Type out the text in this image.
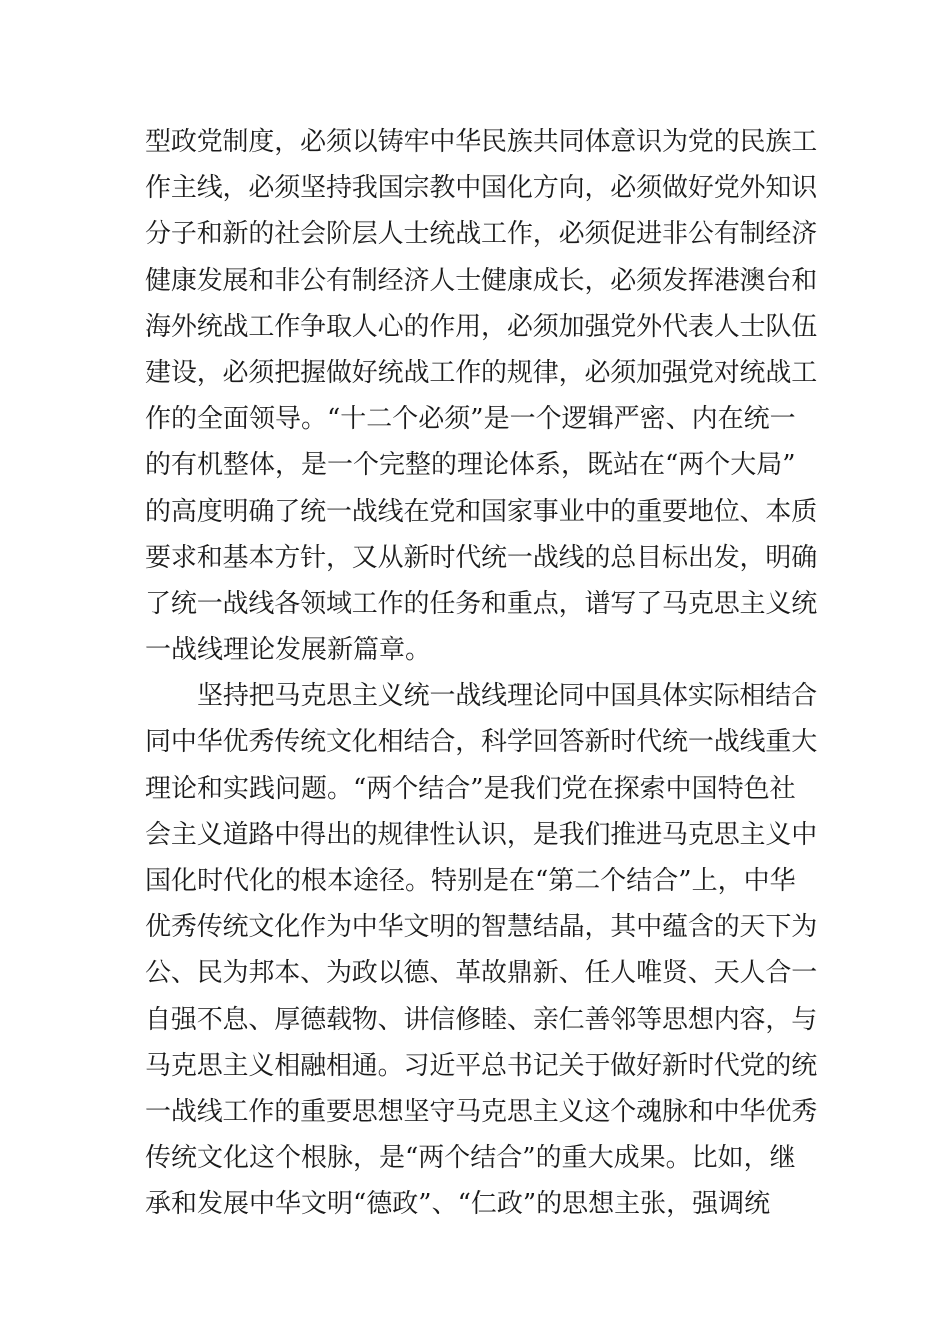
型政党制度，必须以铸牢中华民族共同体意识为党的民族工
作主线，必须坚持我国宗教中国化方向，必须做好党外知识
分子和新的社会阶层人士统战工作，必须促进非公有制经济
健康发展和非公有制经济人士健康成长，必须发挥港澳台和
海外统战工作争取人心的作用，必须加强党外代表人士队伍
建设，必须把握做好统战工作的规律，必须加强党对统战工
作的全面领导。“十二个必须”是一个逻辑严密、内在统一
的有机整体，是一个完整的理论体系，既站在“两个大局”
的高度明确了统一战线在党和国家事业中的重要地位、本质
要求和基本方针，又从新时代统一战线的总目标出发，明确
了统一战线各领域工作的任务和重点，谱写了马克思主义统
一战线理论发展新篇章。
坚持把马克思主义统一战线理论同中国具体实际相结合
同中华优秀传统文化相结合，科学回答新时代统一战线重大
理论和实践问题。“两个结合”是我们党在探索中国特色社
会主义道路中得出的规律性认识，是我们推进马克思主义中
国化时代化的根本途径。特别是在“第二个结合”上，中华
优秀传统文化作为中华文明的智慧结晶，其中蕴含的天下为
公、民为邦本、为政以德、革故鼎新、任人唯贤、天人合一
自强不息、厚德载物、讲信修睦、亲仁善邻等思想内容，与
马克思主义相融相通。习近平总书记关于做好新时代党的统
一战线工作的重要思想坚守马克思主义这个魂脉和中华优秀
传统文化这个根脉，是“两个结合”的重大成果。比如，继
承和发展中华文明“德政”、“仁政”的思想主张，强调统
